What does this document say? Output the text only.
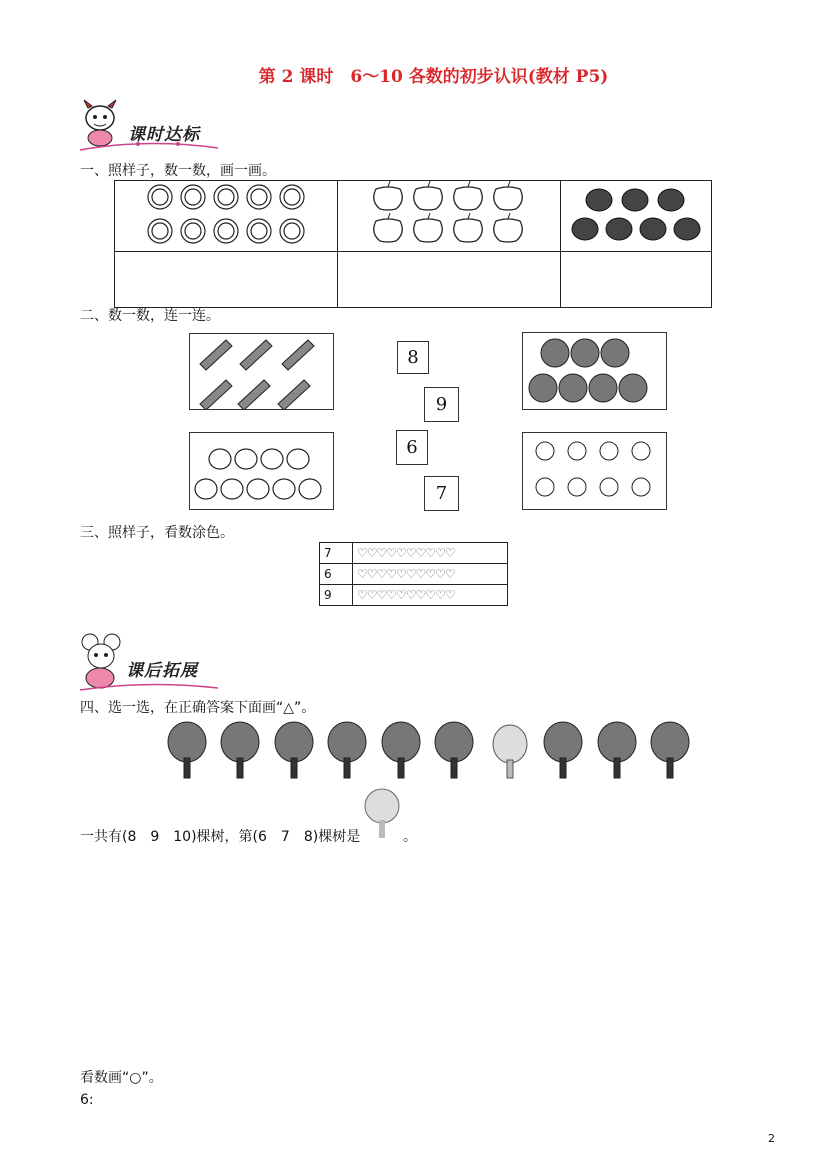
第 2 课时　6～10 各数的初步认识(教材 P5)
课时达标
一、照样子，数一数，画一画。

二、数一数，连一连。
8
9
6
7
三、照样子，看数涂色。
7	♡♡♡♡♡♡♡♡♡♡
6	♡♡♡♡♡♡♡♡♡♡
9	♡♡♡♡♡♡♡♡♡♡
课后拓展
四、选一选，在正确答案下面画“△”。
一共有(8　9　10)棵树，第(6　7　8)棵树是	。
看数画“○”。
6:
2
